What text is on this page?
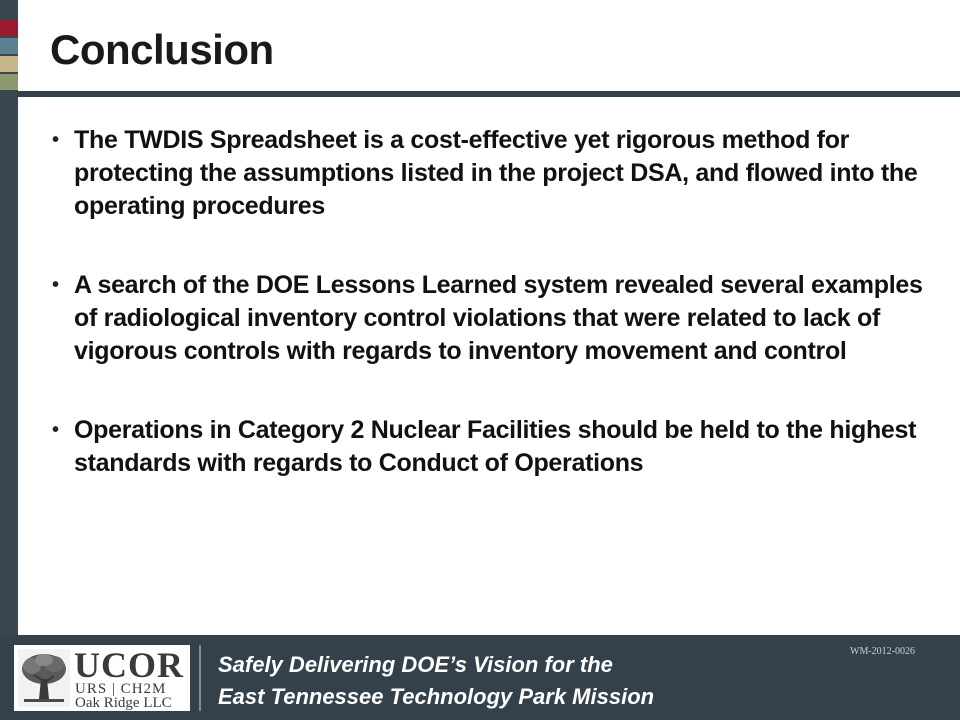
Conclusion
• The TWDIS Spreadsheet is a cost-effective yet rigorous method for protecting the assumptions listed in the project DSA, and flowed into the operating procedures
• A search of the DOE Lessons Learned system revealed several examples of radiological inventory control violations that were related to lack of vigorous controls with regards to inventory movement and control
• Operations in Category 2 Nuclear Facilities should be held to the highest standards with regards to Conduct of Operations

UCOR

URS | CH2M

Oak Ridge LLC

Safely Delivering DOE’s Vision for the
East Tennessee Technology Park Mission

WM-2012-0026
